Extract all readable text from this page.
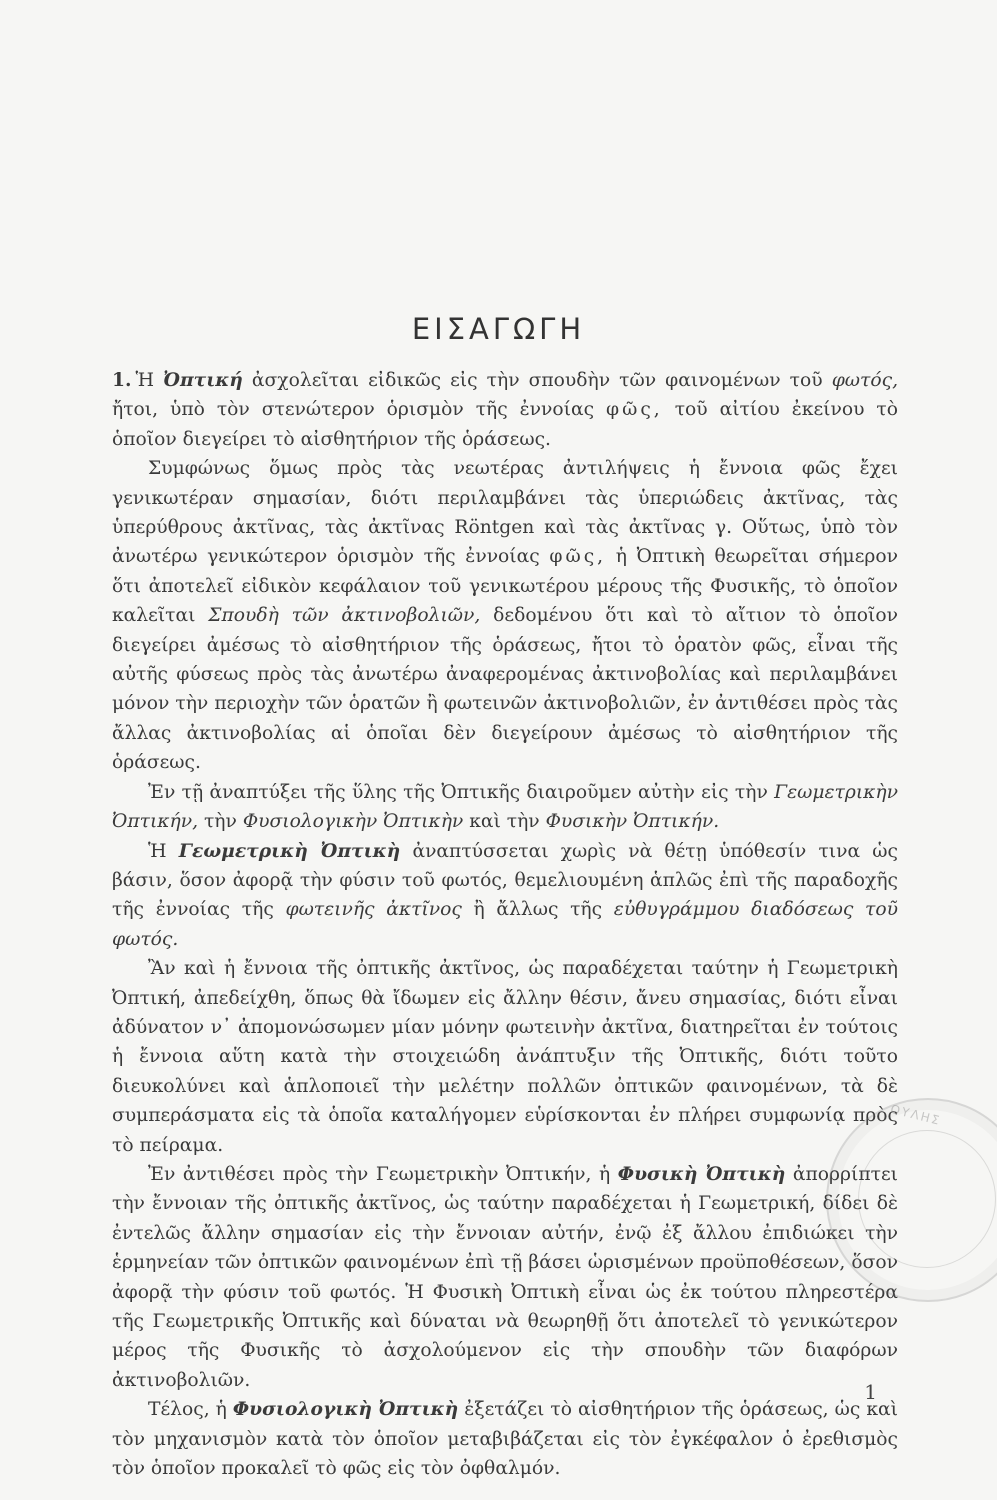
ΕΙΣΑΓΩΓΗ

1. Ἡ Ὀπτική ἀσχολεῖται εἰδικῶς εἰς τὴν σπουδὴν τῶν φαινομένων τοῦ φωτός, ἤτοι, ὑπὸ τὸν στενώτερον ὁρισμὸν τῆς ἐννοίας φῶς, τοῦ αἰτίου ἐκείνου τὸ ὁποῖον διεγείρει τὸ αἰσθητήριον τῆς ὁράσεως.

Συμφώνως ὅμως πρὸς τὰς νεωτέρας ἀντιλήψεις ἡ ἔννοια φῶς ἔχει γενικωτέραν σημασίαν, διότι περιλαμβάνει τὰς ὑπεριώδεις ἀκτῖνας, τὰς ὑπερύθρους ἀκτῖνας, τὰς ἀκτῖνας Röntgen καὶ τὰς ἀκτῖνας γ. Οὕτως, ὑπὸ τὸν ἀνωτέρω γενικώτερον ὁρισμὸν τῆς ἐννοίας φῶς, ἡ Ὀπτικὴ θεωρεῖται σήμερον ὅτι ἀποτελεῖ εἰδικὸν κεφάλαιον τοῦ γενικωτέρου μέρους τῆς Φυσικῆς, τὸ ὁποῖον καλεῖται Σπουδὴ τῶν ἀκτινοβολιῶν, δεδομένου ὅτι καὶ τὸ αἴτιον τὸ ὁποῖον διεγείρει ἀμέσως τὸ αἰσθητήριον τῆς ὁράσεως, ἤτοι τὸ ὁρατὸν φῶς, εἶναι τῆς αὐτῆς φύσεως πρὸς τὰς ἀνωτέρω ἀναφερομένας ἀκτινοβολίας καὶ περιλαμβάνει μόνον τὴν περιοχὴν τῶν ὁρατῶν ἢ φωτεινῶν ἀκτινοβολιῶν, ἐν ἀντιθέσει πρὸς τὰς ἄλλας ἀκτινοβολίας αἱ ὁποῖαι δὲν διεγείρουν ἀμέσως τὸ αἰσθητήριον τῆς ὁράσεως.

Ἐν τῇ ἀναπτύξει τῆς ὕλης τῆς Ὀπτικῆς διαιροῦμεν αὐτὴν εἰς τὴν Γεωμετρικὴν Ὀπτικήν, τὴν Φυσιολογικὴν Ὀπτικὴν καὶ τὴν Φυσικὴν Ὀπτικήν.

Ἡ Γεωμετρικὴ Ὀπτικὴ ἀναπτύσσεται χωρὶς νὰ θέτῃ ὑπόθεσίν τινα ὡς βάσιν, ὅσον ἀφορᾷ τὴν φύσιν τοῦ φωτός, θεμελιουμένη ἁπλῶς ἐπὶ τῆς παραδοχῆς τῆς ἐννοίας τῆς φωτεινῆς ἀκτῖνος ἢ ἄλλως τῆς εὐθυγράμμου διαδόσεως τοῦ φωτός.

Ἂν καὶ ἡ ἔννοια τῆς ὀπτικῆς ἀκτῖνος, ὡς παραδέχεται ταύτην ἡ Γεωμετρικὴ Ὀπτική, ἀπεδείχθη, ὅπως θὰ ἴδωμεν εἰς ἄλλην θέσιν, ἄνευ σημασίας, διότι εἶναι ἀδύνατον ν᾽ ἀπομονώσωμεν μίαν μόνην φωτεινὴν ἀκτῖνα, διατηρεῖται ἐν τούτοις ἡ ἔννοια αὕτη κατὰ τὴν στοιχειώδη ἀνάπτυξιν τῆς Ὀπτικῆς, διότι τοῦτο διευκολύνει καὶ ἁπλοποιεῖ τὴν μελέτην πολλῶν ὀπτικῶν φαινομένων, τὰ δὲ συμπεράσματα εἰς τὰ ὁποῖα καταλήγομεν εὑρίσκονται ἐν πλήρει συμφωνίᾳ πρὸς τὸ πείραμα.

Ἐν ἀντιθέσει πρὸς τὴν Γεωμετρικὴν Ὀπτικήν, ἡ Φυσικὴ Ὀπτικὴ ἀπορρίπτει τὴν ἔννοιαν τῆς ὀπτικῆς ἀκτῖνος, ὡς ταύτην παραδέχεται ἡ Γεωμετρική, δίδει δὲ ἐντελῶς ἄλλην σημασίαν εἰς τὴν ἔννοιαν αὐτήν, ἐνῷ ἐξ ἄλλου ἐπιδιώκει τὴν ἑρμηνείαν τῶν ὀπτικῶν φαινομένων ἐπὶ τῇ βάσει ὡρισμένων προϋποθέσεων, ὅσον ἀφορᾷ τὴν φύσιν τοῦ φωτός. Ἡ Φυσικὴ Ὀπτικὴ εἶναι ὡς ἐκ τούτου πληρεστέρα τῆς Γεωμετρικῆς Ὀπτικῆς καὶ δύναται νὰ θεωρηθῇ ὅτι ἀποτελεῖ τὸ γενικώτερον μέρος τῆς Φυσικῆς τὸ ἀσχολούμενον εἰς τὴν σπουδὴν τῶν διαφόρων ἀκτινοβολιῶν.

Τέλος, ἡ Φυσιολογικὴ Ὀπτικὴ ἐξετάζει τὸ αἰσθητήριον τῆς ὁράσεως, ὡς καὶ τὸν μηχανισμὸν κατὰ τὸν ὁποῖον μεταβιβάζεται εἰς τὸν ἐγκέφαλον ὁ ἐρεθισμὸς τὸν ὁποῖον προκαλεῖ τὸ φῶς εἰς τὸν ὀφθαλμόν.

ΟΥΛΗΣ
1
